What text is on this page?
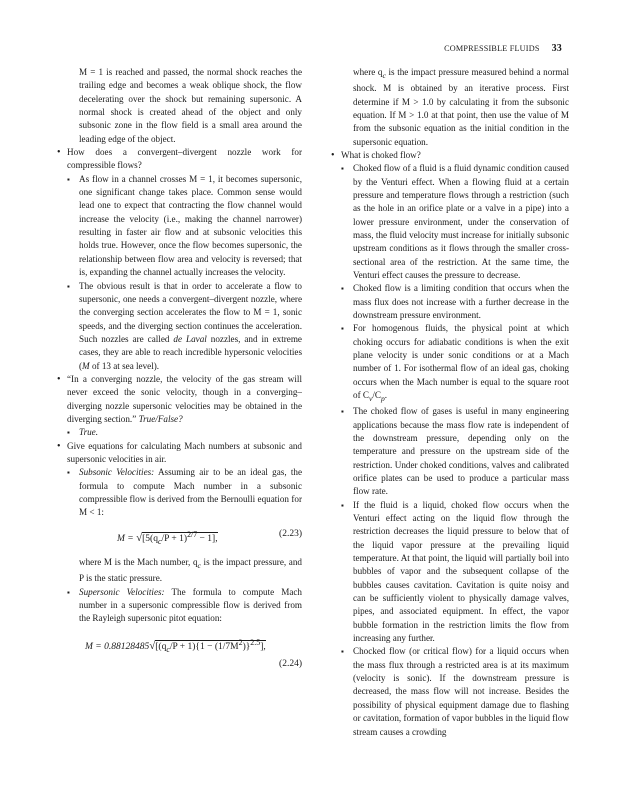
COMPRESSIBLE FLUIDS 33

M = 1 is reached and passed, the normal shock reaches the trailing edge and becomes a weak oblique shock, the flow decelerating over the shock but remaining supersonic. A normal shock is created ahead of the object and only subsonic zone in the flow field is a small area around the leading edge of the object.

• How does a convergent–divergent nozzle work for compressible flows?

▪ As flow in a channel crosses M = 1, it becomes supersonic, one significant change takes place. Common sense would lead one to expect that contracting the flow channel would increase the velocity (i.e., making the channel narrower) resulting in faster air flow and at subsonic velocities this holds true. However, once the flow becomes supersonic, the relationship between flow area and velocity is reversed; that is, expanding the channel actually increases the velocity.

▪ The obvious result is that in order to accelerate a flow to supersonic, one needs a convergent–divergent nozzle, where the converging section accelerates the flow to M = 1, sonic speeds, and the diverging section continues the acceleration. Such nozzles are called de Laval nozzles, and in extreme cases, they are able to reach incredible hypersonic velocities (M of 13 at sea level).

• “In a converging nozzle, the velocity of the gas stream will never exceed the sonic velocity, though in a converging–diverging nozzle supersonic velocities may be obtained in the diverging section.” True/False?

▪ True.

• Give equations for calculating Mach numbers at subsonic and supersonic velocities in air.

▪ Subsonic Velocities: Assuming air to be an ideal gas, the formula to compute Mach number in a subsonic compressible flow is derived from the Bernoulli equation for M < 1:

$M = √[5(q_c/P + 1)^{2/7} - 1]$,
(2.23)

where M is the Mach number, $q_c$ is the impact pressure, and P is the static pressure.

▪ Supersonic Velocities: The formula to compute Mach number in a supersonic compressible flow is derived from the Rayleigh supersonic pitot equation:

$M = 0.88128485√[(q_c/P + 1)\{1 - (1/7M^2)\}^{2.5}]$,
(2.24)

where $q_c$ is the impact pressure measured behind a normal shock. M is obtained by an iterative process. First determine if M > 1.0 by calculating it from the subsonic equation. If M > 1.0 at that point, then use the value of M from the subsonic equation as the initial condition in the supersonic equation.

• What is choked flow?

▪ Choked flow of a fluid is a fluid dynamic condition caused by the Venturi effect. When a flowing fluid at a certain pressure and temperature flows through a restriction (such as the hole in an orifice plate or a valve in a pipe) into a lower pressure environment, under the conservation of mass, the fluid velocity must increase for initially subsonic upstream conditions as it flows through the smaller cross-sectional area of the restriction. At the same time, the Venturi effect causes the pressure to decrease.

▪ Choked flow is a limiting condition that occurs when the mass flux does not increase with a further decrease in the downstream pressure environment.

▪ For homogenous fluids, the physical point at which choking occurs for adiabatic conditions is when the exit plane velocity is under sonic conditions or at a Mach number of 1. For isothermal flow of an ideal gas, choking occurs when the Mach number is equal to the square root of $C_v/C_p$.

▪ The choked flow of gases is useful in many engineering applications because the mass flow rate is independent of the downstream pressure, depending only on the temperature and pressure on the upstream side of the restriction. Under choked conditions, valves and calibrated orifice plates can be used to produce a particular mass flow rate.

▪ If the fluid is a liquid, choked flow occurs when the Venturi effect acting on the liquid flow through the restriction decreases the liquid pressure to below that of the liquid vapor pressure at the prevailing liquid temperature. At that point, the liquid will partially boil into bubbles of vapor and the subsequent collapse of the bubbles causes cavitation. Cavitation is quite noisy and can be sufficiently violent to physically damage valves, pipes, and associated equipment. In effect, the vapor bubble formation in the restriction limits the flow from increasing any further.

▪ Chocked flow (or critical flow) for a liquid occurs when the mass flux through a restricted area is at its maximum (velocity is sonic). If the downstream pressure is decreased, the mass flow will not increase. Besides the possibility of physical equipment damage due to flashing or cavitation, formation of vapor bubbles in the liquid flow stream causes a crowding
